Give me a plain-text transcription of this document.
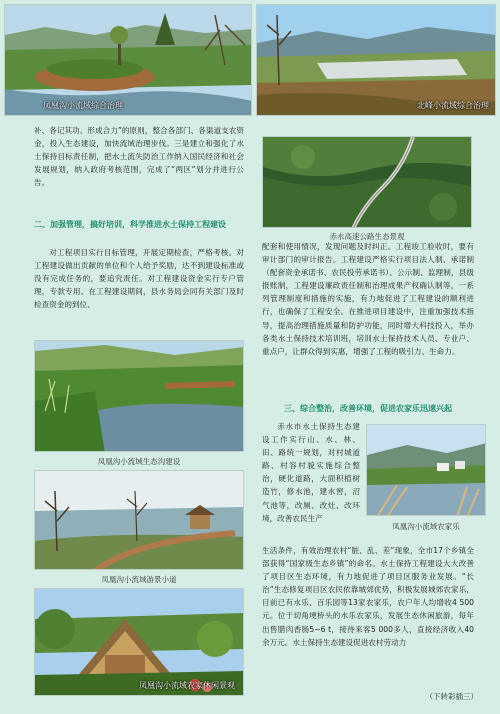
凤凰沟小流域综合治理	北峰小流域综合治理

补、各记其功、形成合力”的原则，整合各部门、各渠道支农资金，投入生态建设，加快流域治理步伐。三是建立和强化了水土保持目标责任制，把水土流失防治工作纳入国民经济和社会发展规划，纳入政府考核范围，完成了“两区”划分并进行公告。

二、加强管理，搞好培训，科学推进水土保持工程建设

对工程项目实行目标管理，开展定期检查，严格考核。对工程建设做出贡献的单位和个人给予奖励，达不到建设标准或没有完成任务的，要追究责任。对工程建设资金实行专户管理，专款专用。在工程建设期间，县水务局会同有关部门及时检查资金的到位、

赤水高速公路生态景观

配套和使用情况，发现问题及时纠正。工程竣工验收时，要有审计部门的审计报告。工程建设严格实行项目法人制、承诺制（配套资金承诺书、农民投劳承诺书）、公示制、监理制，县级报账制，工程建设廉政责任制和治理成果产权确认制等。一系列管理制度和措施的实施，有力地促进了工程建设的顺利进行，也确保了工程安全。在推进项目建设中，注重加强技术指导，提高治理措施质量和防护功能，同时增大科技投入，举办各类水土保持技术培训班，培训水土保持技术人员、专业户、重点户，让群众得到实惠，增强了工程的吸引力、生命力。

三、综合整治，改善环境，促进农家乐迅速兴起
凤凰沟小流域生态沟建设
凤凰沟小流域游景小道
凤凰沟小流域农家休闲景观

赤水市水土保持生态建设工作实行山、水、林、田、路统一规划，对村城道路、村容村貌实施综合整治，硬化道路，大面积植树造竹，修水池，建水窖，沼气池等，改厕、改灶、改环境，改善农民生产

凤凰沟小流域农家乐

生活条件，有效治理农村“脏、乱、差”现象，全市17个乡镇全部获得“国家级生态乡镇”的命名。水土保持工程建设大大改善了项目区生态环境，有力地促进了项目区服务业发展。“长治”生态修复项目区农民依靠城郊优势，积极发展城郊农家乐，目前已有水乐、百乐园等13家农家乐，农户年人均增收4 500元。位于切角埂桥头的水乐农家乐，发展生态休闲旅游，每年出售腊肉香肠5~6 t，接待来客5 000多人，直接经济收入40余万元。水土保持生态建设促进农村劳动力

（下转彩插三）
